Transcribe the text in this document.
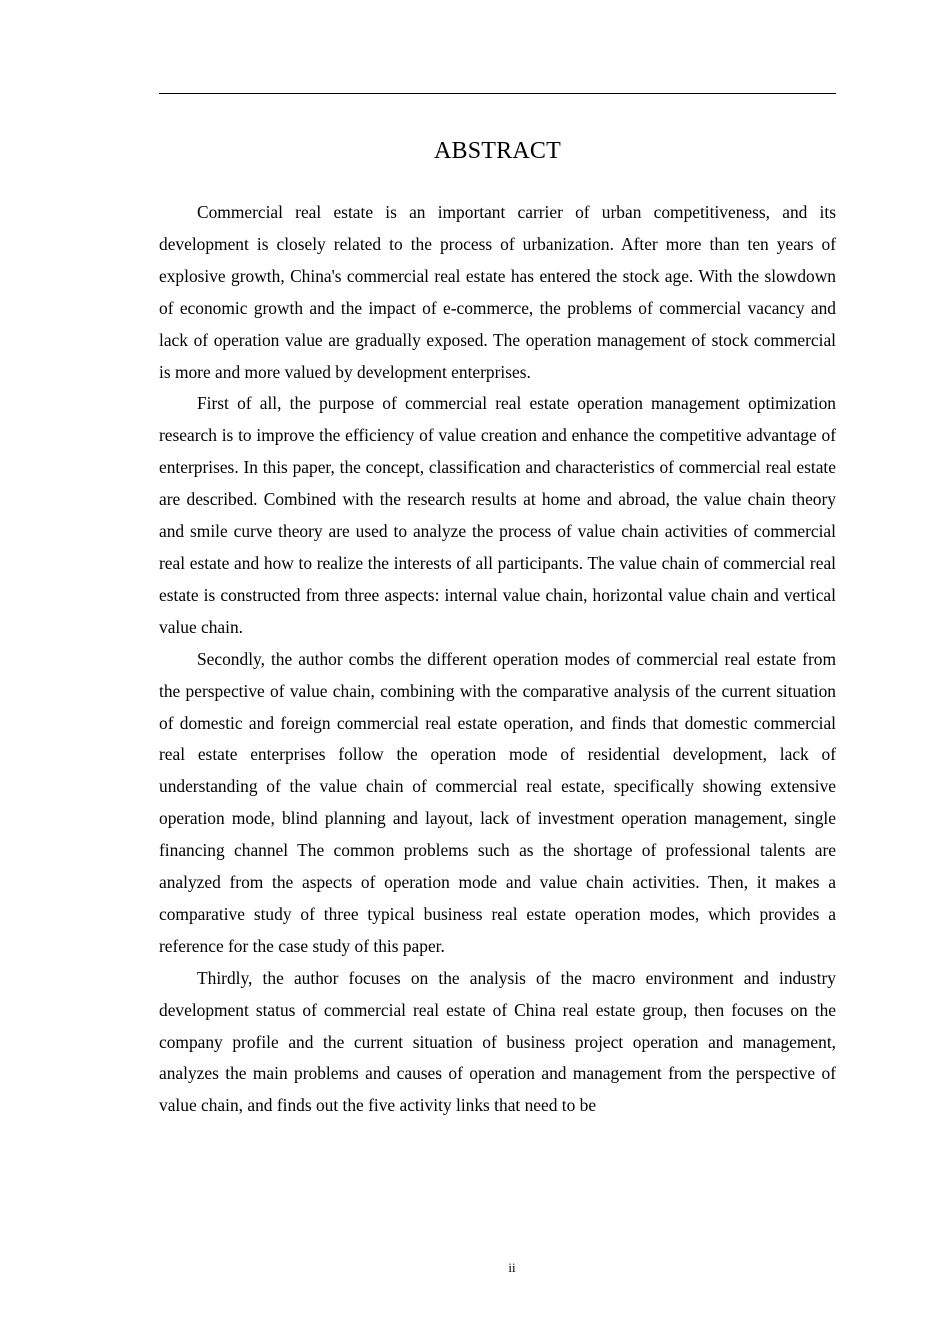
ABSTRACT

Commercial real estate is an important carrier of urban competitiveness, and its development is closely related to the process of urbanization. After more than ten years of explosive growth, China's commercial real estate has entered the stock age. With the slowdown of economic growth and the impact of e-commerce, the problems of commercial vacancy and lack of operation value are gradually exposed. The operation management of stock commercial is more and more valued by development enterprises.

First of all, the purpose of commercial real estate operation management optimization research is to improve the efficiency of value creation and enhance the competitive advantage of enterprises. In this paper, the concept, classification and characteristics of commercial real estate are described. Combined with the research results at home and abroad, the value chain theory and smile curve theory are used to analyze the process of value chain activities of commercial real estate and how to realize the interests of all participants. The value chain of commercial real estate is constructed from three aspects: internal value chain, horizontal value chain and vertical value chain.

Secondly, the author combs the different operation modes of commercial real estate from the perspective of value chain, combining with the comparative analysis of the current situation of domestic and foreign commercial real estate operation, and finds that domestic commercial real estate enterprises follow the operation mode of residential development, lack of understanding of the value chain of commercial real estate, specifically showing extensive operation mode, blind planning and layout, lack of investment operation management, single financing channel The common problems such as the shortage of professional talents are analyzed from the aspects of operation mode and value chain activities. Then, it makes a comparative study of three typical business real estate operation modes, which provides a reference for the case study of this paper.

Thirdly, the author focuses on the analysis of the macro environment and industry development status of commercial real estate of China real estate group, then focuses on the company profile and the current situation of business project operation and management, analyzes the main problems and causes of operation and management from the perspective of value chain, and finds out the five activity links that need to be

ii
